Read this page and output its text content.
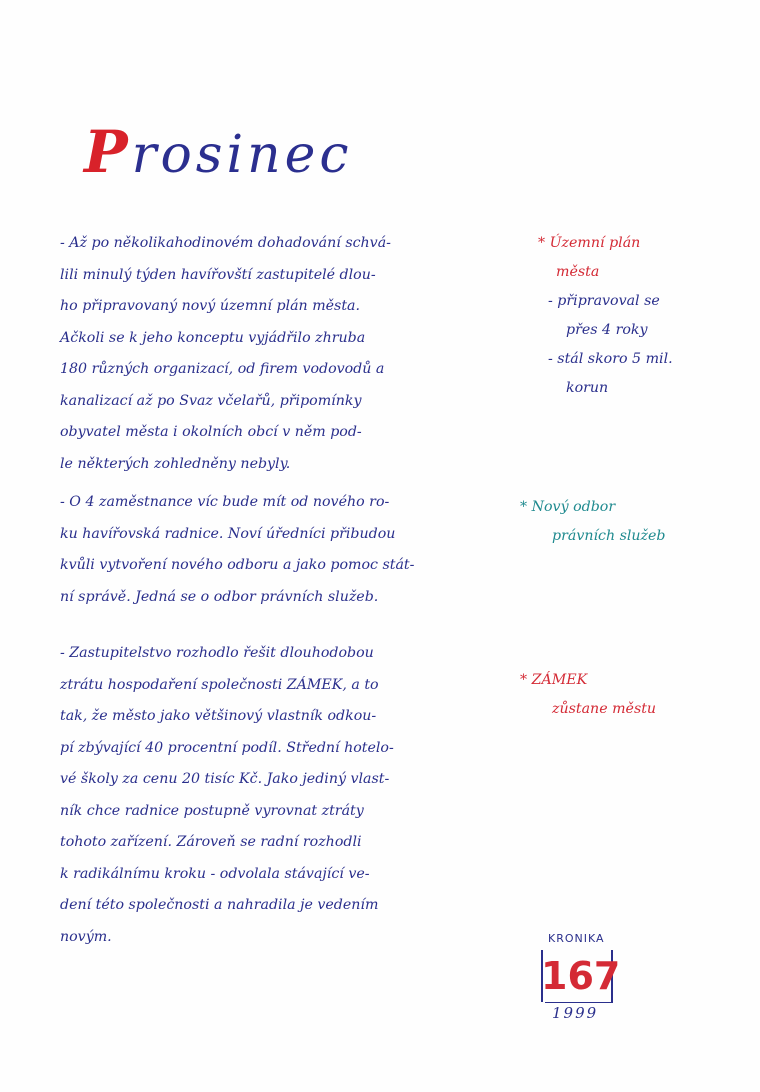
Prosinec
- Až po několikahodinovém dohadování schvá-
lili minulý týden havířovští zastupitelé dlou-
ho připravovaný nový územní plán města.
Ačkoli se k jeho konceptu vyjádřilo zhruba
180 různých organizací, od firem vodovodů a
kanalizací až po Svaz včelařů, připomínky
obyvatel města i okolních obcí v něm pod-
le některých zohledněny nebyly.
- O 4 zaměstnance víc bude mít od nového ro-
ku havířovská radnice. Noví úředníci přibudou
kvůli vytvoření nového odboru a jako pomoc stát-
ní správě. Jedná se o odbor právních služeb.
- Zastupitelstvo rozhodlo řešit dlouhodobou
ztrátu hospodaření společnosti ZÁMEK, a to
tak, že město jako většinový vlastník odkou-
pí zbývající 40 procentní podíl. Střední hotelo-
vé školy za cenu 20 tisíc Kč. Jako jediný vlast-
ník chce radnice postupně vyrovnat ztráty
tohoto zařízení. Zároveň se radní rozhodli
k radikálnímu kroku - odvolala stávající ve-
dení této společnosti a nahradila je vedením
novým.
* Územní plán
města
- připravoval se
přes 4 roky
- stál skoro 5 mil.
korun
* Nový odbor
právních služeb
* ZÁMEK
zůstane městu
KRONIKA
167
1999
